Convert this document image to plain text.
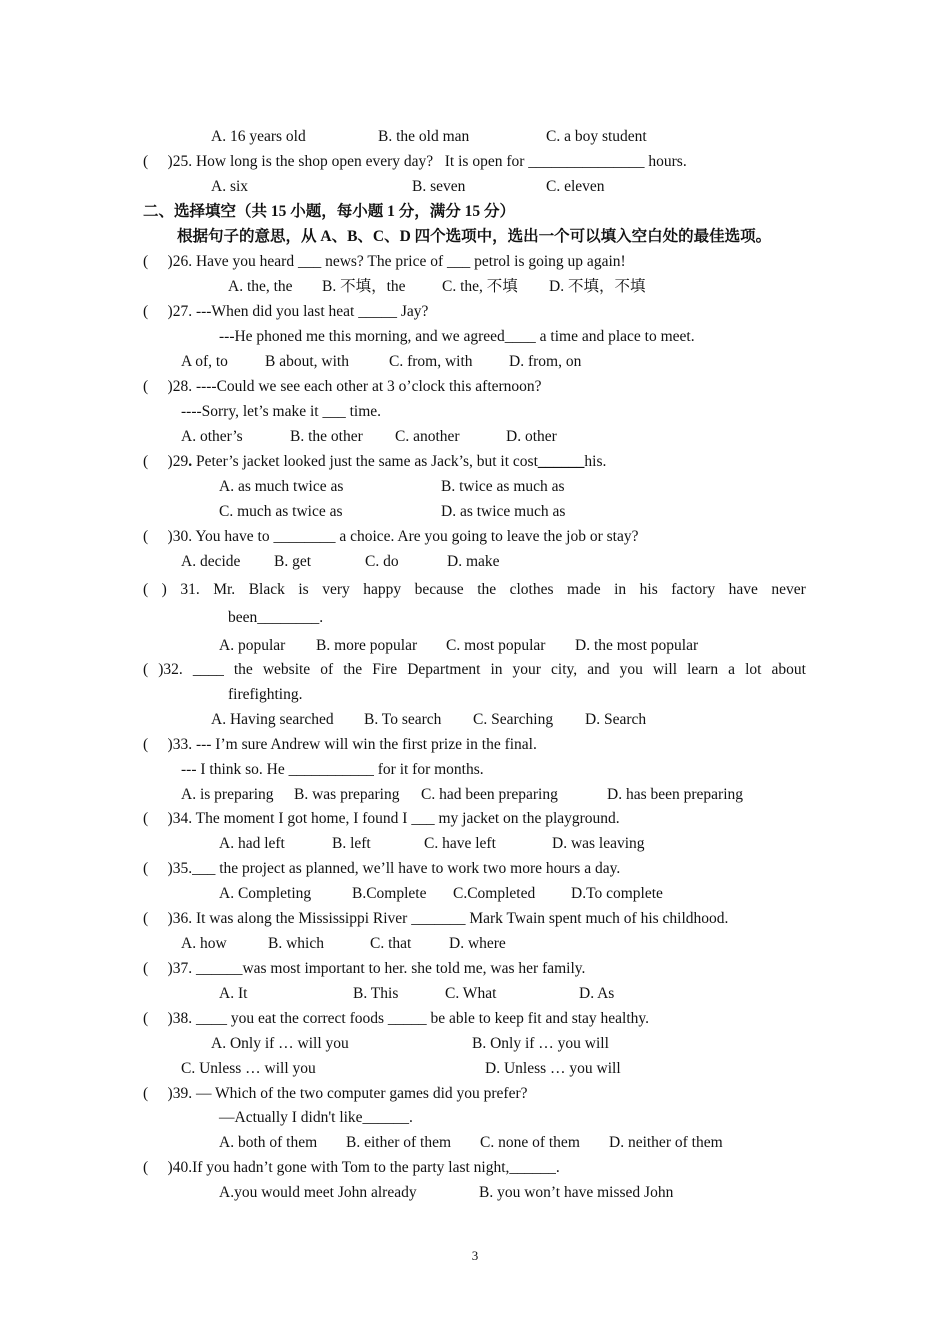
A. 16 years old	B. the old man	C. a boy student
(     )25. How long is the shop open every day?   It is open for _______________ hours.
A. six	B. seven	C. eleven
二、选择填空（共 15 小题，每小题 1 分，满分 15 分）
根据句子的意思，从 A、B、C、D 四个选项中，选出一个可以填入空白处的最佳选项。
(     )26. Have you heard ___ news? The price of ___ petrol is going up again!
A. the, the B. 不填，the C. the, 不填 D. 不填，不填
(     )27. ---When did you last heat _____ Jay?
---He phoned me this morning, and we agreed____ a time and place to meet.
A of, to B about, with	C. from, with D. from, on
(     )28. ----Could we see each other at 3 o’clock this afternoon?
----Sorry, let’s make it ___ time.
A. other’s	B. the other C. another	D. other
(     )29. Peter’s jacket looked just the same as Jack’s, but it cost______his.
A. as much twice as	B. twice as much as
C. much as twice as	D. as twice much as
(     )30. You have to ________ a choice. Are you going to leave the job or stay?
A. decide B. get	C. do	D. make
( ) 31. Mr. Black is very happy because the clothes made in his factory have never
been________.
A. popular B. more popular C. most popular D. the most popular
( )32. ____ the website of the Fire Department in your city, and you will learn a lot about
firefighting.
A. Having searched B. To search C. Searching D. Search
(     )33. --- I’m sure Andrew will win the first prize in the final.
--- I think so. He ___________ for it for months.
A. is preparing B. was preparing C. had been preparing	D. has been preparing
(     )34. The moment I got home, I found I ___ my jacket on the playground.
A. had left	B. left	C. have left	D. was leaving
(     )35.___ the project as planned, we’ll have to work two more hours a day.
A. Completing	B.Complete C.Completed D.To complete
(     )36. It was along the Mississippi River _______ Mark Twain spent much of his childhood.
A. how	B. which	C. that D. where
(     )37. ______was most important to her. she told me, was her family.
A. It	B. This	C. What	D. As
(     )38. ____ you eat the correct foods _____ be able to keep fit and stay healthy.
A. Only if … will you	B. Only if … you will
C. Unless … will you	D. Unless … you will
(     )39. — Which of the two computer games did you prefer?
—Actually I didn't like______.
A. both of them B. either of them C. none of them D. neither of them
(     )40.If you hadn’t gone with Tom to the party last night,______.
A.you would meet John already	B. you won’t have missed John
3
